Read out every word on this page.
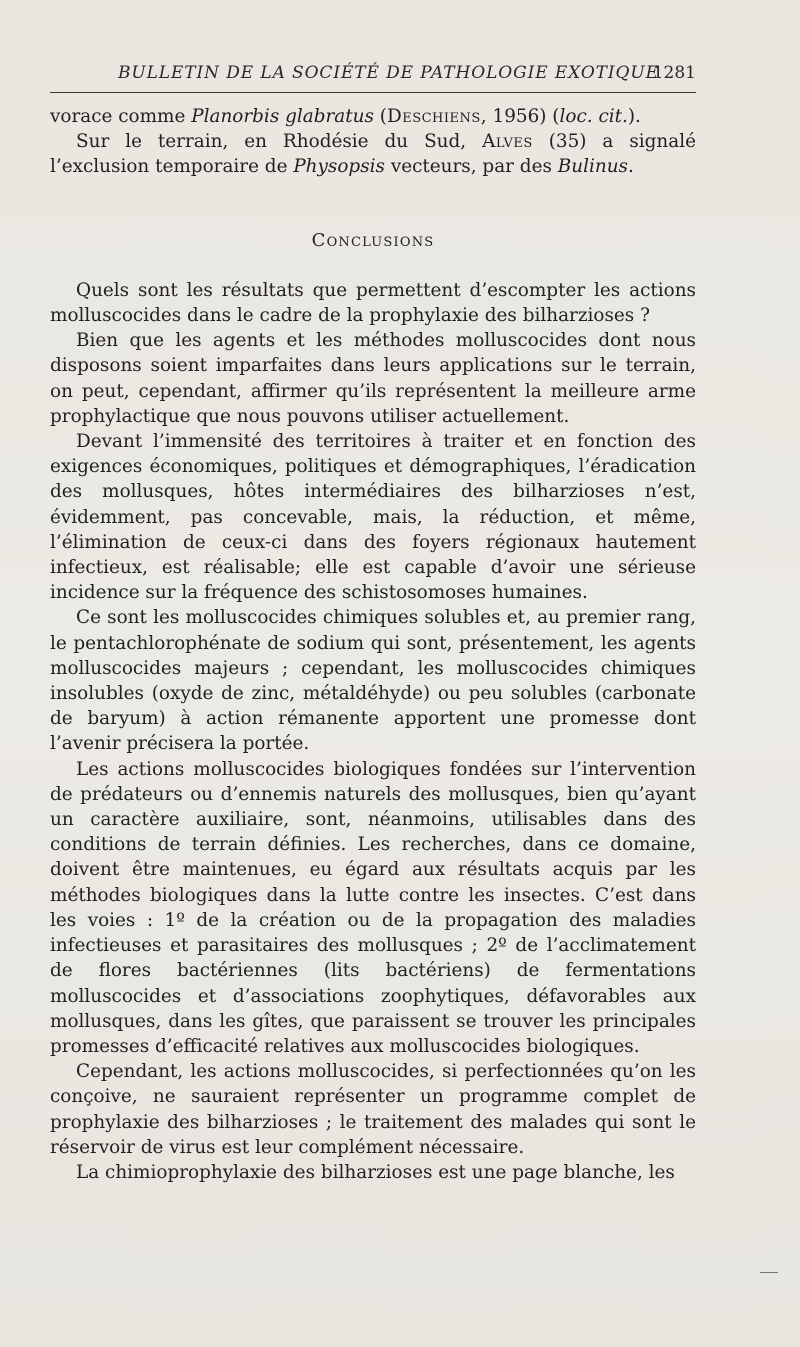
BULLETIN DE LA SOCIÉTÉ DE PATHOLOGIE EXOTIQUE
1281

vorace comme Planorbis glabratus (Deschiens, 1956) (loc. cit.).

Sur le terrain, en Rhodésie du Sud, Alves (35) a signalé l’exclusion temporaire de Physopsis vecteurs, par des Bulinus.

Conclusions

Quels sont les résultats que permettent d’escompter les actions molluscocides dans le cadre de la prophylaxie des bilharzioses ?

Bien que les agents et les méthodes molluscocides dont nous disposons soient imparfaites dans leurs applications sur le terrain, on peut, cependant, affirmer qu’ils représentent la meilleure arme prophylactique que nous pouvons utiliser actuellement.

Devant l’immensité des territoires à traiter et en fonction des exigences économiques, politiques et démographiques, l’éradication des mollusques, hôtes intermédiaires des bilharzioses n’est, évidemment, pas concevable, mais, la réduction, et même, l’élimination de ceux-ci dans des foyers régionaux hautement infectieux, est réalisable; elle est capable d’avoir une sérieuse incidence sur la fréquence des schistosomoses humaines.

Ce sont les molluscocides chimiques solubles et, au premier rang, le pentachlorophénate de sodium qui sont, présentement, les agents molluscocides majeurs ; cependant, les molluscocides chimiques insolubles (oxyde de zinc, métaldéhyde) ou peu solubles (carbonate de baryum) à action rémanente apportent une promesse dont l’avenir précisera la portée.

Les actions molluscocides biologiques fondées sur l’intervention de prédateurs ou d’ennemis naturels des mollusques, bien qu’ayant un caractère auxiliaire, sont, néanmoins, utilisables dans des conditions de terrain définies. Les recherches, dans ce domaine, doivent être maintenues, eu égard aux résultats acquis par les méthodes biologiques dans la lutte contre les insectes. C’est dans les voies : 1º de la création ou de la propagation des maladies infectieuses et parasitaires des mollusques ; 2º de l’acclimatement de flores bactériennes (lits bactériens) de fermentations molluscocides et d’associations zoophytiques, défavorables aux mollusques, dans les gîtes, que paraissent se trouver les principales promesses d’efficacité relatives aux molluscocides biologiques.

Cependant, les actions molluscocides, si perfectionnées qu’on les conçoive, ne sauraient représenter un programme complet de prophylaxie des bilharzioses ; le traitement des malades qui sont le réservoir de virus est leur complément nécessaire.

La chimioprophylaxie des bilharzioses est une page blanche, les
